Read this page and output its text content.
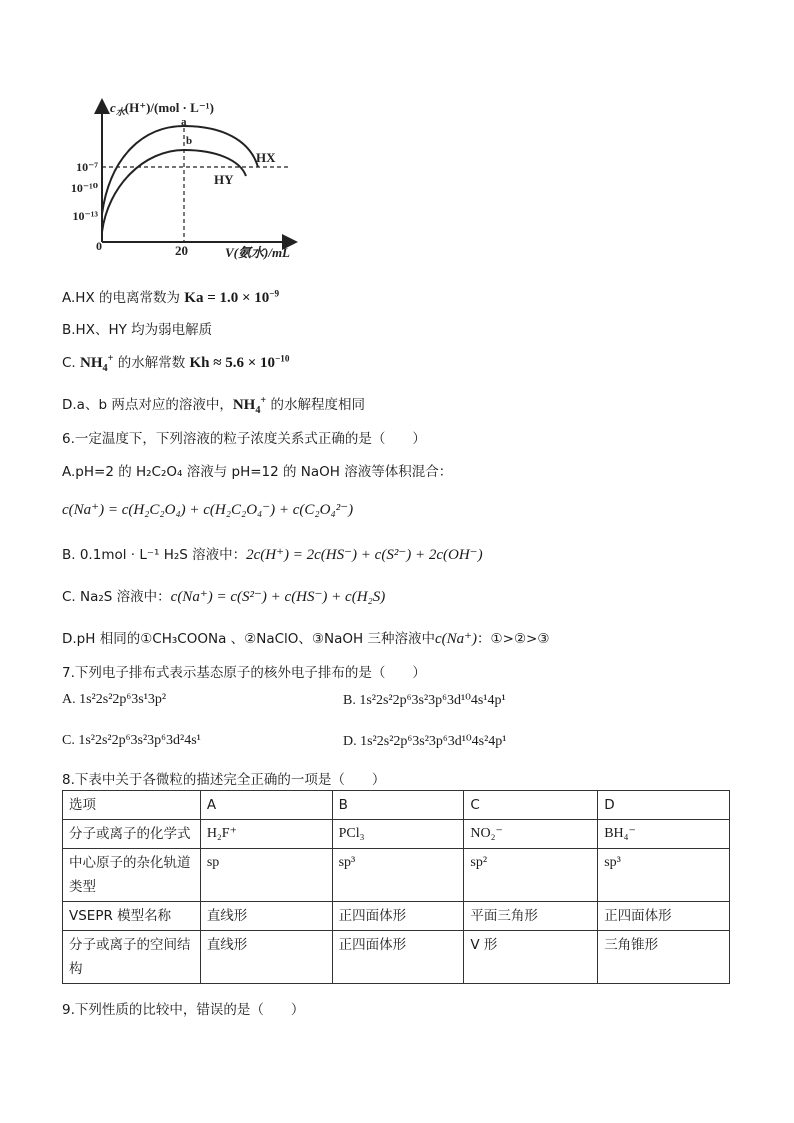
$c_水(H^+)/(mol \cdot L^{-1})$
10⁻⁷
10⁻¹⁰
10⁻¹³
0	20	V(氨水)/mL
HX
HY
a
b
A.HX 的电离常数为 $Ka = 1.0 \times 10^{-9}$
B.HX、HY 均为弱电解质
C. $NH_4^+$ 的水解常数 $Kh \approx 5.6 \times 10^{-10}$
D.a、b 两点对应的溶液中，$NH_4^+$ 的水解程度相同
6.一定温度下，下列溶液的粒子浓度关系式正确的是（　　）
A.pH=2 的 H₂C₂O₄ 溶液与 pH=12 的 NaOH 溶液等体积混合：
c(Na⁺) = c(H₂C₂O₄) + c(H₂C₂O₄⁻) + c(C₂O₄²⁻)
B. 0.1mol · L⁻¹ H₂S 溶液中：2c(H⁺) = 2c(HS⁻) + c(S²⁻) + 2c(OH⁻)
C. Na₂S 溶液中：c(Na⁺) = c(S²⁻) + c(HS⁻) + c(H₂S)
D.pH 相同的①CH₃COONa 、②NaClO、③NaOH 三种溶液中c(Na⁺)：①>②>③
7.下列电子排布式表示基态原子的核外电子排布的是（　　）
A. 1s²2s²2p⁶3s¹3p²	B. 1s²2s²2p⁶3s²3p⁶3d¹⁰4s¹4p¹
C. 1s²2s²2p⁶3s²3p⁶3d²4s¹	D. 1s²2s²2p⁶3s²3p⁶3d¹⁰4s²4p¹
8.下表中关于各微粒的描述完全正确的一项是（　　）
选项	A	B	C	D
分子或离子的化学式	H₂F⁺	PCl₃	NO₂⁻	BH₄⁻
中心原子的杂化轨道类型	sp	sp³	sp²	sp³
VSEPR 模型名称	直线形	正四面体形	平面三角形	正四面体形
分子或离子的空间结构	直线形	正四面体形	V 形	三角锥形
9.下列性质的比较中，错误的是（　　）
